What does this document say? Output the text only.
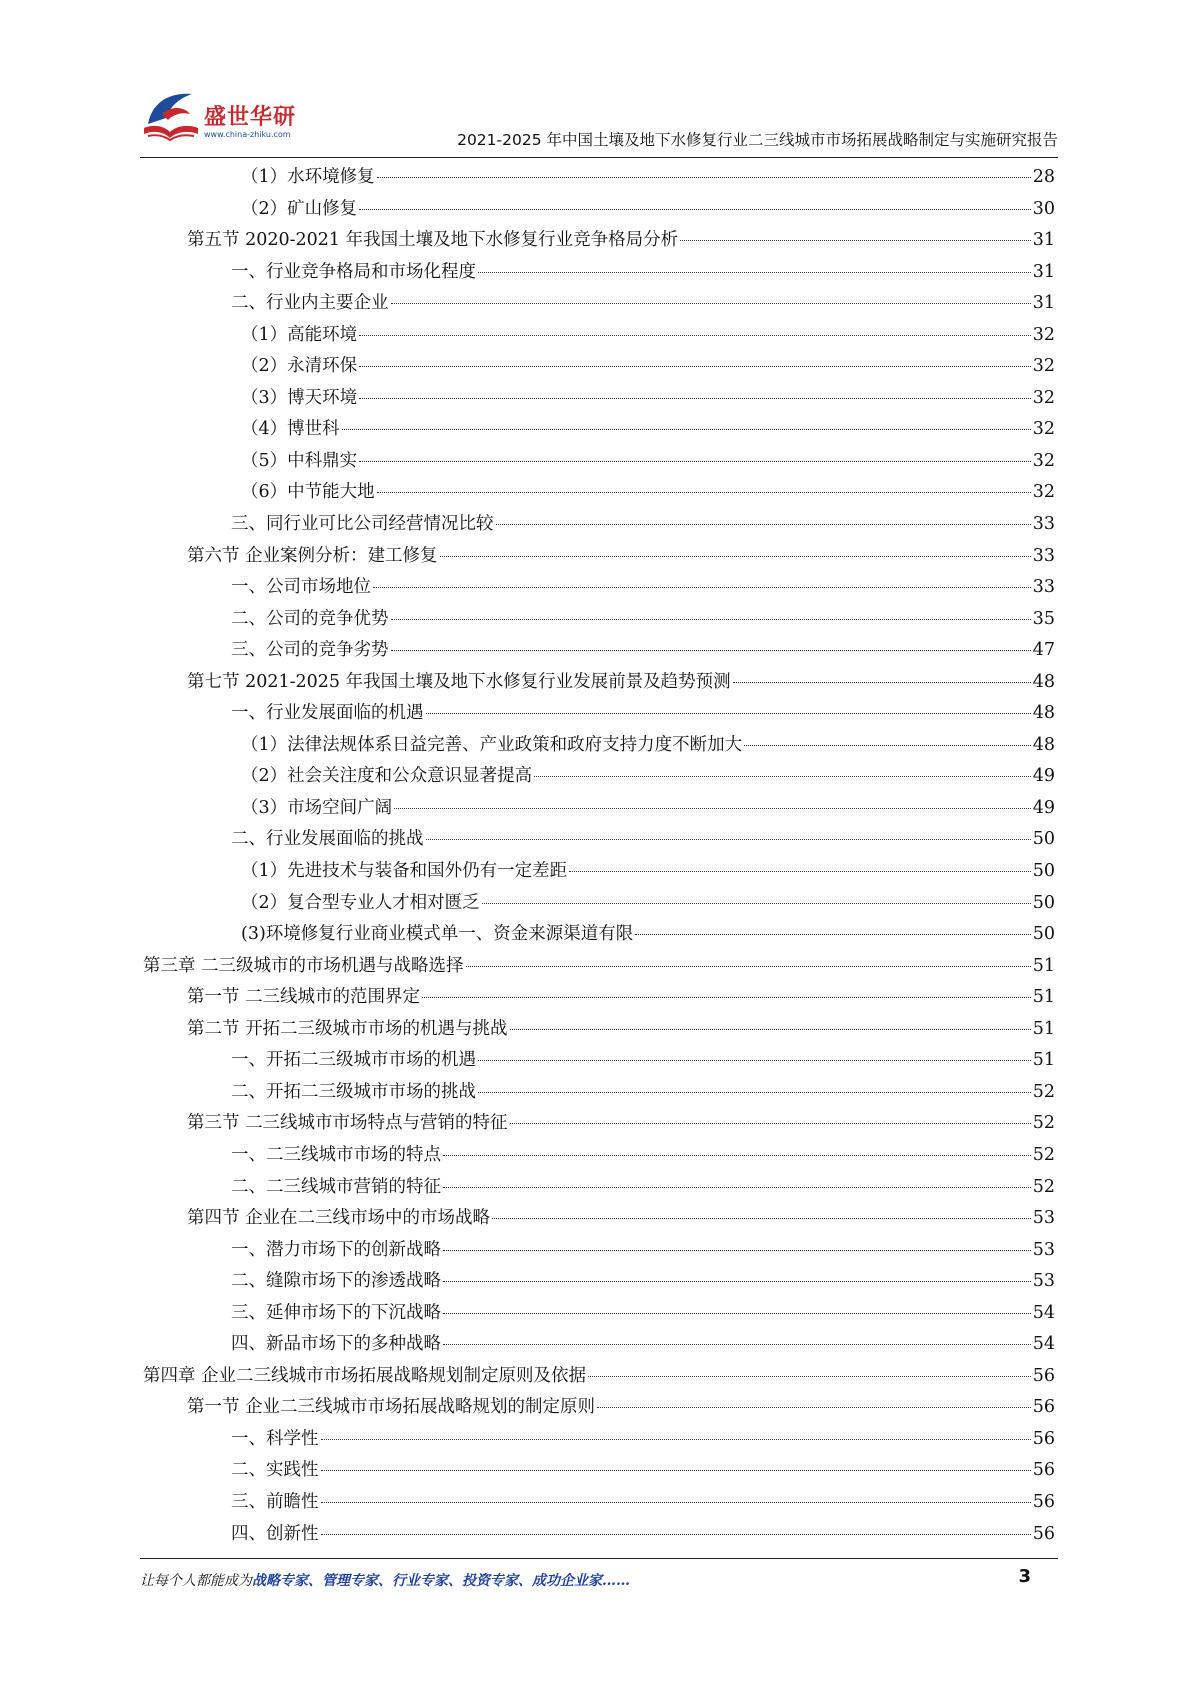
盛世华研
www.china-zhiku.com	2021-2025 年中国土壤及地下水修复行业二三线城市市场拓展战略制定与实施研究报告
（1）水环境修复	28
（2）矿山修复	30
第五节 2020-2021 年我国土壤及地下水修复行业竞争格局分析	31
一、行业竞争格局和市场化程度	31
二、行业内主要企业	31
（1）高能环境	32
（2）永清环保	32
（3）博天环境	32
（4）博世科	32
（5）中科鼎实	32
（6）中节能大地	32
三、同行业可比公司经营情况比较	33
第六节 企业案例分析：建工修复	33
一、公司市场地位	33
二、公司的竞争优势	35
三、公司的竞争劣势	47
第七节 2021-2025 年我国土壤及地下水修复行业发展前景及趋势预测	48
一、行业发展面临的机遇	48
（1）法律法规体系日益完善、产业政策和政府支持力度不断加大	48
（2）社会关注度和公众意识显著提高	49
（3）市场空间广阔	49
二、行业发展面临的挑战	50
（1）先进技术与装备和国外仍有一定差距	50
（2）复合型专业人才相对匮乏	50
(3)环境修复行业商业模式单一、资金来源渠道有限	50
第三章 二三级城市的市场机遇与战略选择	51
第一节 二三线城市的范围界定	51
第二节 开拓二三级城市市场的机遇与挑战	51
一、开拓二三级城市市场的机遇	51
二、开拓二三级城市市场的挑战	52
第三节 二三线城市市场特点与营销的特征	52
一、二三线城市市场的特点	52
二、二三线城市营销的特征	52
第四节 企业在二三线市场中的市场战略	53
一、潜力市场下的创新战略	53
二、缝隙市场下的渗透战略	53
三、延伸市场下的下沉战略	54
四、新品市场下的多种战略	54
第四章 企业二三线城市市场拓展战略规划制定原则及依据	56
第一节 企业二三线城市市场拓展战略规划的制定原则	56
一、科学性	56
二、实践性	56
三、前瞻性	56
四、创新性	56
让每个人都能成为战略专家、管理专家、行业专家、投资专家、成功企业家……	3
